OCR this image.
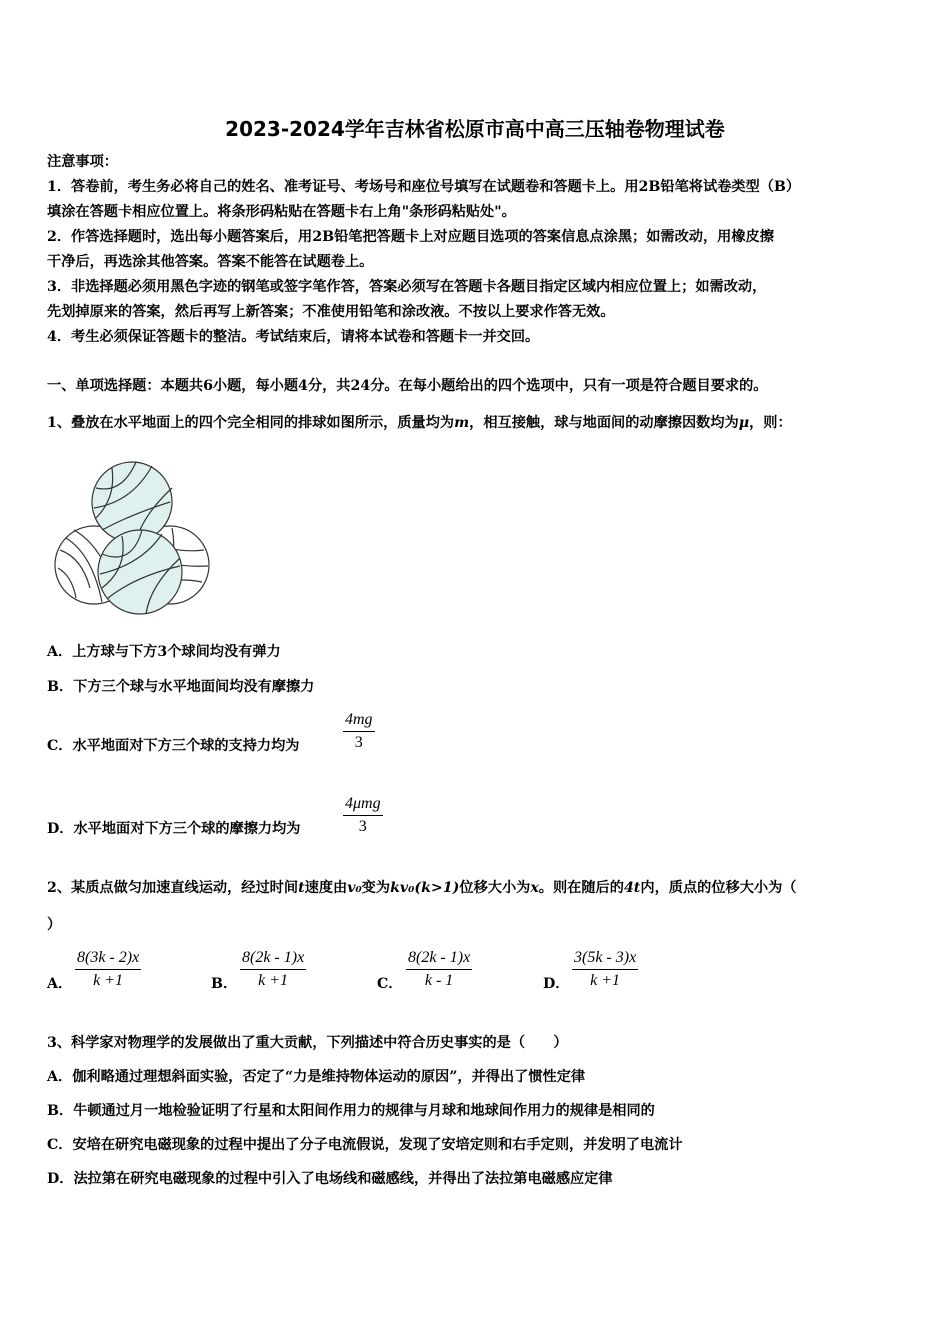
2023-2024学年吉林省松原市高中高三压轴卷物理试卷
注意事项：
1．答卷前，考生务必将自己的姓名、准考证号、考场号和座位号填写在试题卷和答题卡上。用2B铅笔将试卷类型（B）
填涂在答题卡相应位置上。将条形码粘贴在答题卡右上角"条形码粘贴处"。
2．作答选择题时，选出每小题答案后，用2B铅笔把答题卡上对应题目选项的答案信息点涂黑；如需改动，用橡皮擦
干净后，再选涂其他答案。答案不能答在试题卷上。
3．非选择题必须用黑色字迹的钢笔或签字笔作答，答案必须写在答题卡各题目指定区域内相应位置上；如需改动，
先划掉原来的答案，然后再写上新答案；不准使用铅笔和涂改液。不按以上要求作答无效。
4．考生必须保证答题卡的整洁。考试结束后，请将本试卷和答题卡一并交回。
一、单项选择题：本题共6小题，每小题4分，共24分。在每小题给出的四个选项中，只有一项是符合题目要求的。
1、叠放在水平地面上的四个完全相同的排球如图所示，质量均为m，相互接触，球与地面间的动摩擦因数均为μ，则：
A．上方球与下方3个球间均没有弹力
B．下方三个球与水平地面间均没有摩擦力
C．水平地面对下方三个球的支持力均为	$\frac{4mg}{3}$
D．水平地面对下方三个球的摩擦力均为
4μmg
3
2、某质点做匀加速直线运动，经过时间t速度由v₀变为kv₀(k>1)位移大小为x。则在随后的4t内，质点的位移大小为（
）
A． $\frac{8(3k - 2)x}{k +1}$	B． $\frac{8(2k - 1)x}{k +1}$	C． $\frac{8(2k - 1)x}{k - 1}$	D． $\frac{3(5k - 3)x}{k +1}$
3、科学家对物理学的发展做出了重大贡献，下列描述中符合历史事实的是（　　）
A．伽利略通过理想斜面实验，否定了“力是维持物体运动的原因”，并得出了惯性定律
B．牛顿通过月一地检验证明了行星和太阳间作用力的规律与月球和地球间作用力的规律是相同的
C．安培在研究电磁现象的过程中提出了分子电流假说，发现了安培定则和右手定则，并发明了电流计
D．法拉第在研究电磁现象的过程中引入了电场线和磁感线，并得出了法拉第电磁感应定律
